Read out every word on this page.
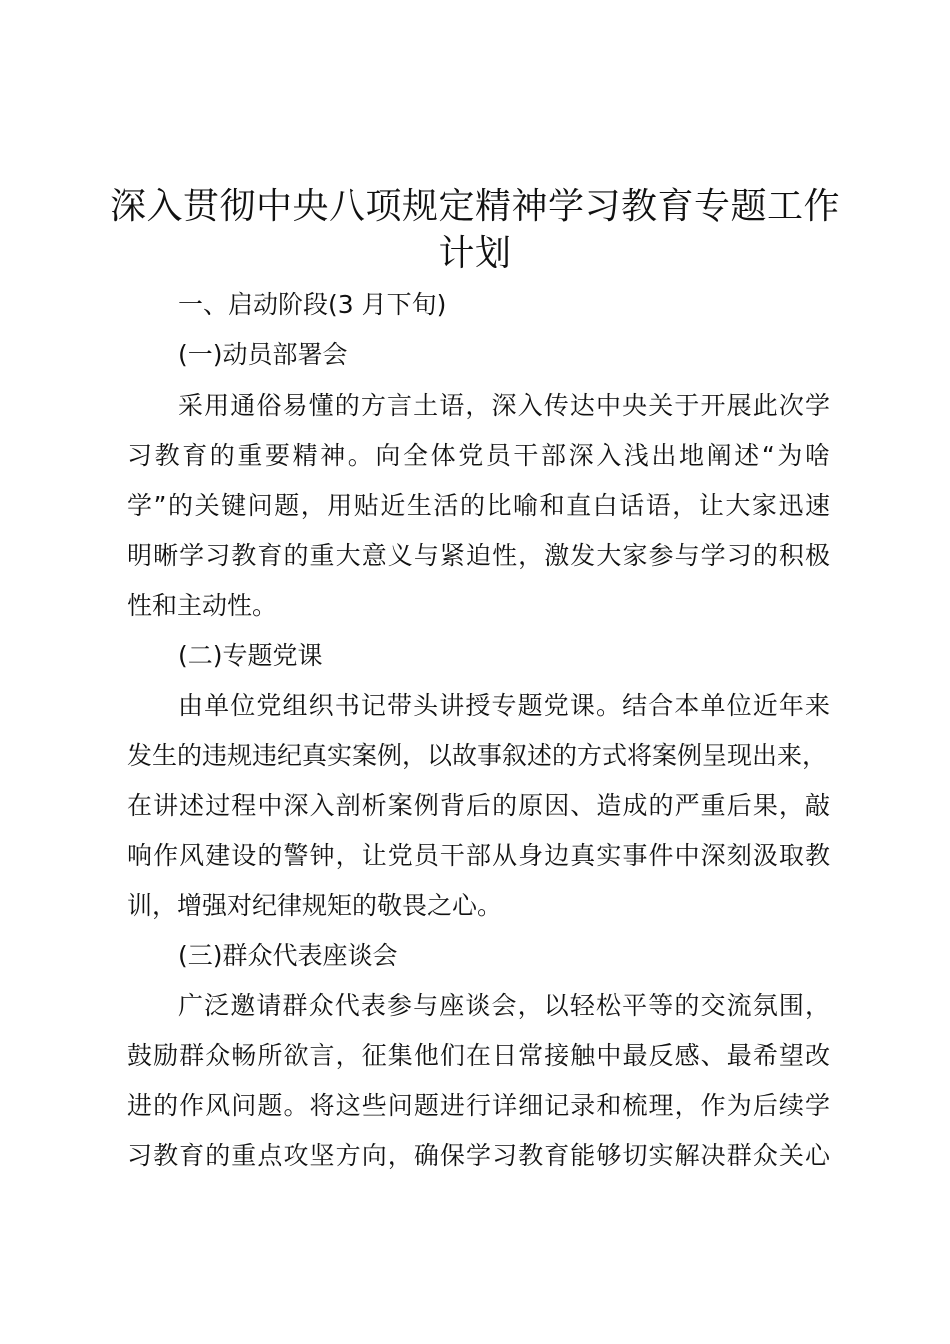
深入贯彻中央八项规定精神学习教育专题工作
计划

一、启动阶段(3 月下旬)

(一)动员部署会

采用通俗易懂的方言土语，深入传达中央关于开展此次学

习教育的重要精神。向全体党员干部深入浅出地阐述“为啥

学”的关键问题，用贴近生活的比喻和直白话语，让大家迅速

明晰学习教育的重大意义与紧迫性，激发大家参与学习的积极

性和主动性。

(二)专题党课

由单位党组织书记带头讲授专题党课。结合本单位近年来

发生的违规违纪真实案例，以故事叙述的方式将案例呈现出来，

在讲述过程中深入剖析案例背后的原因、造成的严重后果，敲

响作风建设的警钟，让党员干部从身边真实事件中深刻汲取教

训，增强对纪律规矩的敬畏之心。

(三)群众代表座谈会

广泛邀请群众代表参与座谈会，以轻松平等的交流氛围，

鼓励群众畅所欲言，征集他们在日常接触中最反感、最希望改

进的作风问题。将这些问题进行详细记录和梳理，作为后续学

习教育的重点攻坚方向，确保学习教育能够切实解决群众关心
